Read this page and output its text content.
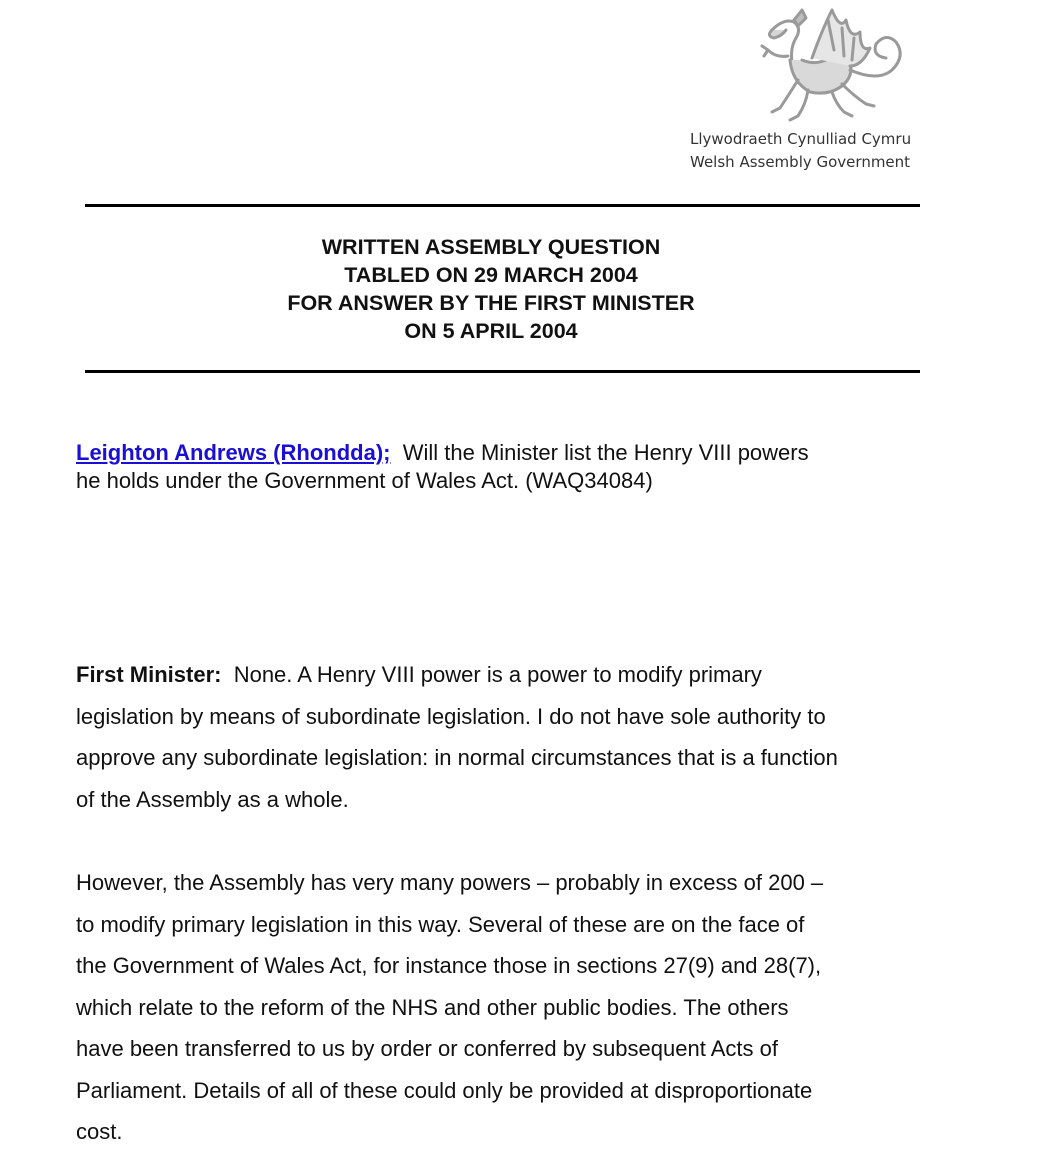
Llywodraeth Cynulliad Cymru
Welsh Assembly Government
WRITTEN ASSEMBLY QUESTION
TABLED ON 29 MARCH 2004
FOR ANSWER BY THE FIRST MINISTER
ON 5 APRIL 2004
Leighton Andrews (Rhondda); Will the Minister list the Henry VIII powers
he holds under the Government of Wales Act. (WAQ34084)

First Minister: None. A Henry VIII power is a power to modify primary
legislation by means of subordinate legislation. I do not have sole authority to
approve any subordinate legislation: in normal circumstances that is a function
of the Assembly as a whole.

However, the Assembly has very many powers – probably in excess of 200 –
to modify primary legislation in this way. Several of these are on the face of
the Government of Wales Act, for instance those in sections 27(9) and 28(7),
which relate to the reform of the NHS and other public bodies. The others
have been transferred to us by order or conferred by subsequent Acts of
Parliament. Details of all of these could only be provided at disproportionate
cost.
